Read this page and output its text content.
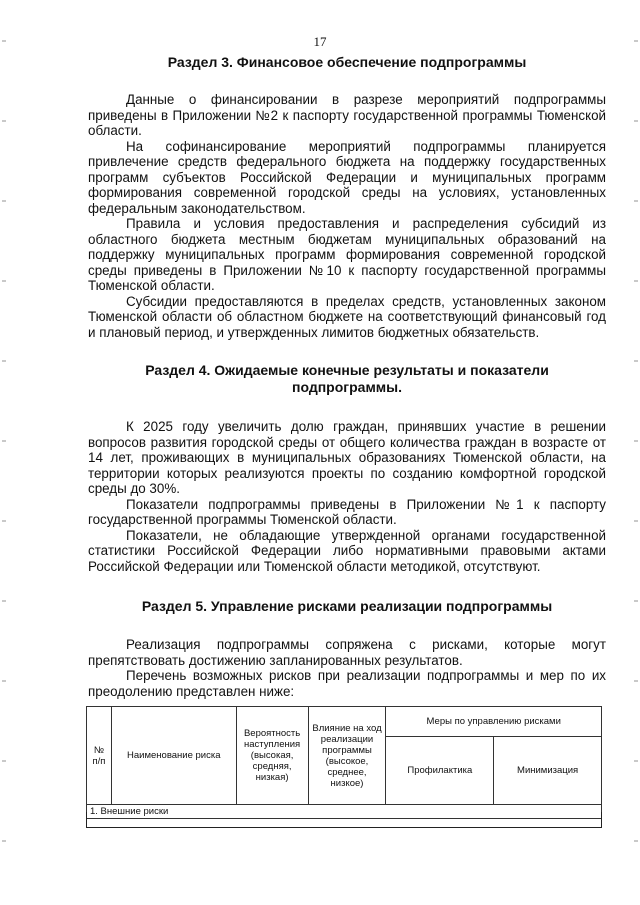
17
Раздел 3. Финансовое обеспечение подпрограммы

Данные о финансировании в разрезе мероприятий подпрограммы приведены в Приложении №2 к паспорту государственной программы Тюменской области.

На софинансирование мероприятий подпрограммы планируется привлечение средств федерального бюджета на поддержку государственных программ субъектов Российской Федерации и муниципальных программ формирования современной городской среды на условиях, установленных федеральным законодательством.

Правила и условия предоставления и распределения субсидий из областного бюджета местным бюджетам муниципальных образований на поддержку муниципальных программ формирования современной городской среды приведены в Приложении №10 к паспорту государственной программы Тюменской области.

Субсидии предоставляются в пределах средств, установленных законом Тюменской области об областном бюджете на соответствующий финансовый год и плановый период, и утвержденных лимитов бюджетных обязательств.

Раздел 4. Ожидаемые конечные результаты и показатели
подпрограммы.

К 2025 году увеличить долю граждан, принявших участие в решении вопросов развития городской среды от общего количества граждан в возрасте от 14 лет, проживающих в муниципальных образованиях Тюменской области, на территории которых реализуются проекты по созданию комфортной городской среды до 30%.

Показатели подпрограммы приведены в Приложении №1 к паспорту государственной программы Тюменской области.

Показатели, не обладающие утвержденной органами государственной статистики Российской Федерации либо нормативными правовыми актами Российской Федерации или Тюменской области методикой, отсутствуют.

Раздел 5. Управление рисками реализации подпрограммы

Реализация подпрограммы сопряжена с рисками, которые могут препятствовать достижению запланированных результатов.

Перечень возможных рисков при реализации подпрограммы и мер по их преодолению представлен ниже:

№ п/п	Наименование риска	Вероятность наступления (высокая, средняя, низкая)	Влияние на ход реализации программы (высокое, среднее, низкое)	Меры по управлению рисками	
				Профилактика	Минимизация
1. Внешние риски					
